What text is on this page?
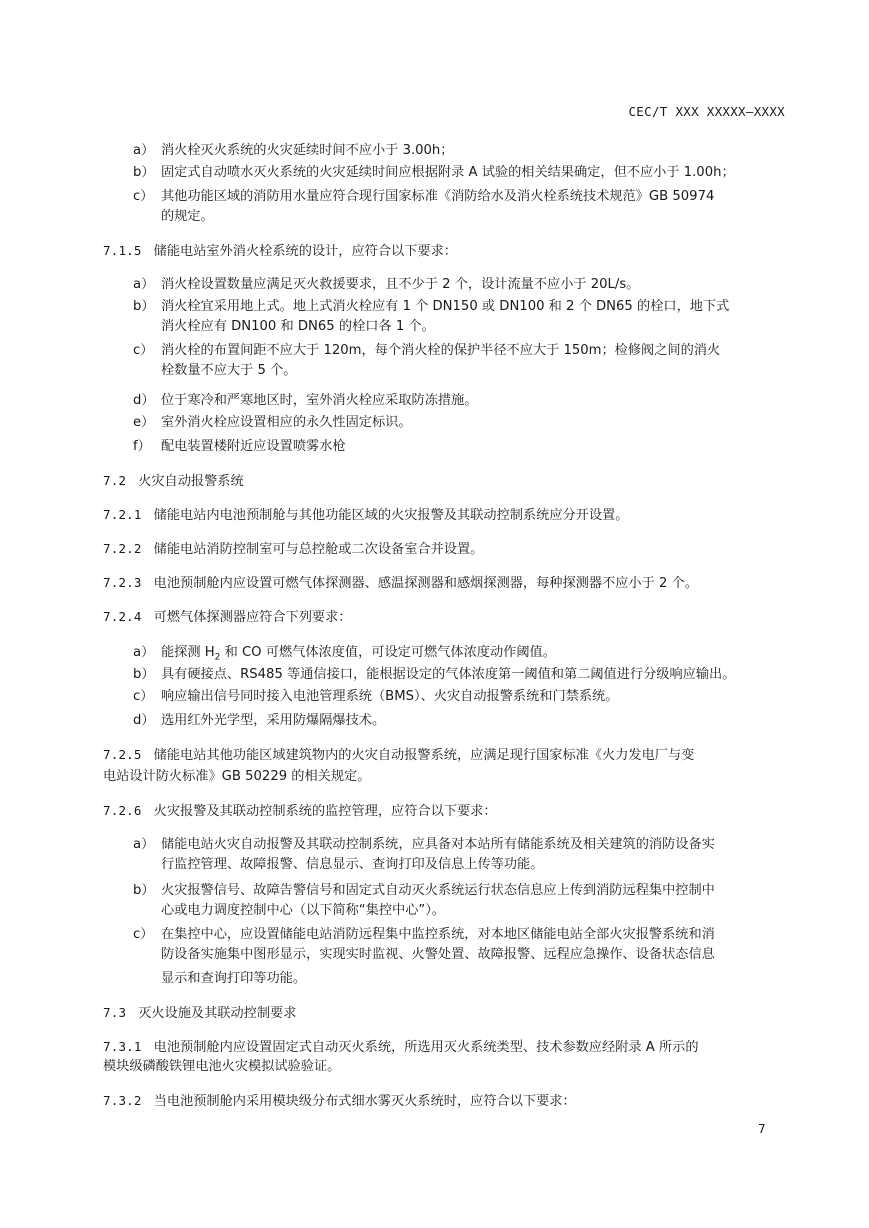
CEC/T XXX XXXXX—XXXX
a） 消火栓灭火系统的火灾延续时间不应小于 3.00h；
b） 固定式自动喷水灭火系统的火灾延续时间应根据附录 A 试验的相关结果确定，但不应小于 1.00h；
c） 其他功能区域的消防用水量应符合现行国家标准《消防给水及消火栓系统技术规范》GB 50974
的规定。
7.1.5 储能电站室外消火栓系统的设计，应符合以下要求：
a） 消火栓设置数量应满足灭火救援要求，且不少于 2 个，设计流量不应小于 20L/s。
b） 消火栓宜采用地上式。地上式消火栓应有 1 个 DN150 或 DN100 和 2 个 DN65 的栓口，地下式
消火栓应有 DN100 和 DN65 的栓口各 1 个。
c） 消火栓的布置间距不应大于 120m，每个消火栓的保护半径不应大于 150m；检修阀之间的消火
栓数量不应大于 5 个。
d） 位于寒冷和严寒地区时，室外消火栓应采取防冻措施。
e） 室外消火栓应设置相应的永久性固定标识。
f） 配电装置楼附近应设置喷雾水枪
7.2 火灾自动报警系统
7.2.1 储能电站内电池预制舱与其他功能区域的火灾报警及其联动控制系统应分开设置。
7.2.2 储能电站消防控制室可与总控舱或二次设备室合并设置。
7.2.3 电池预制舱内应设置可燃气体探测器、感温探测器和感烟探测器，每种探测器不应小于 2 个。
7.2.4 可燃气体探测器应符合下列要求：
a） 能探测 $H_2$ 和 CO 可燃气体浓度值，可设定可燃气体浓度动作阈值。
b） 具有硬接点、RS485 等通信接口，能根据设定的气体浓度第一阈值和第二阈值进行分级响应输出。
c） 响应输出信号同时接入电池管理系统（BMS）、火灾自动报警系统和门禁系统。
d） 选用红外光学型，采用防爆隔爆技术。
7.2.5 储能电站其他功能区域建筑物内的火灾自动报警系统，应满足现行国家标准《火力发电厂与变
电站设计防火标准》GB 50229 的相关规定。
7.2.6 火灾报警及其联动控制系统的监控管理，应符合以下要求：
a） 储能电站火灾自动报警及其联动控制系统，应具备对本站所有储能系统及相关建筑的消防设备实
行监控管理、故障报警、信息显示、查询打印及信息上传等功能。
b） 火灾报警信号、故障告警信号和固定式自动灭火系统运行状态信息应上传到消防远程集中控制中
心或电力调度控制中心（以下简称“集控中心”）。
c） 在集控中心，应设置储能电站消防远程集中监控系统，对本地区储能电站全部火灾报警系统和消
防设备实施集中图形显示，实现实时监视、火警处置、故障报警、远程应急操作、设备状态信息
显示和查询打印等功能。
7.3 灭火设施及其联动控制要求
7.3.1 电池预制舱内应设置固定式自动灭火系统，所选用灭火系统类型、技术参数应经附录 A 所示的
模块级磷酸铁锂电池火灾模拟试验验证。
7.3.2 当电池预制舱内采用模块级分布式细水雾灭火系统时，应符合以下要求：
7
